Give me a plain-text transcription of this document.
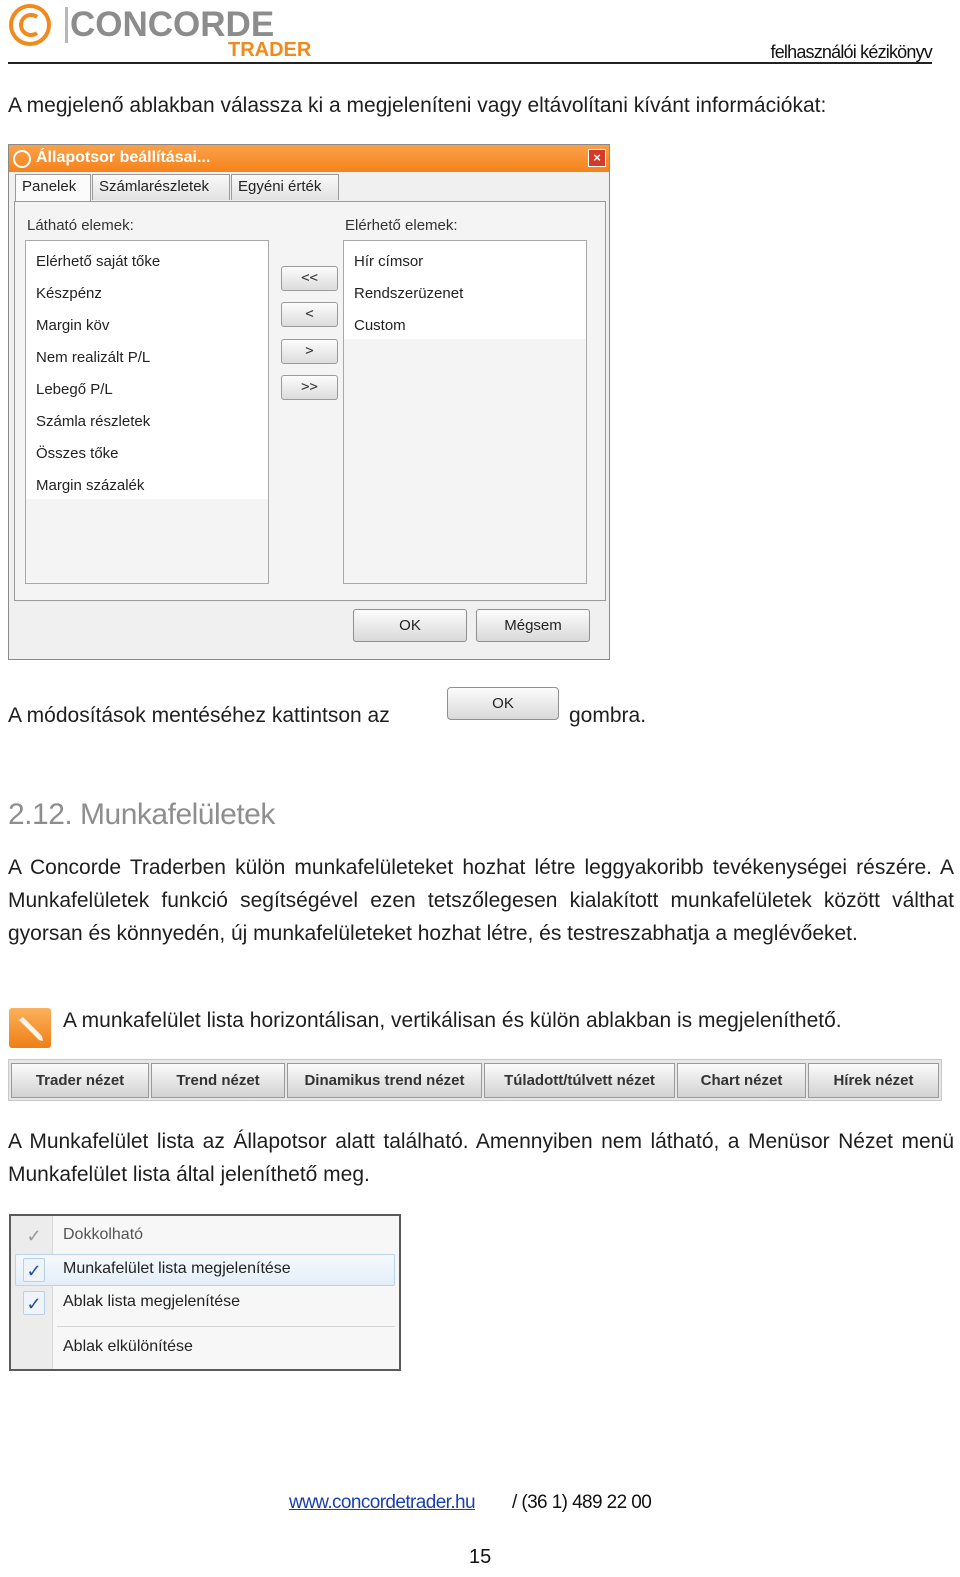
CONCORDE
TRADER	felhasználói kézikönyv
A megjelenő ablakban válassza ki a megjeleníteni vagy eltávolítani kívánt információkat:
Állapotsor beállításai...	×
Panelek	Számlarészletek	Egyéni érték
Látható elemek:	Elérhető elemek:
Elérhető saját tőke
Készpénz
Margin köv
Nem realizált P/L
Lebegő P/L
Számla részletek
Összes tőke
Margin százalék
<<
<
>
>>
Hír címsor
Rendszerüzenet
Custom
OK	Mégsem
A módosítások mentéséhez kattintson az
OK
gombra.
2.12. Munkafelületek
A Concorde Traderben külön munkafelületeket hozhat létre leggyakoribb tevékenységei részére. A Munkafelületek funkció segítségével ezen tetszőlegesen kialakított munkafelületek között válthat gyorsan és könnyedén, új munkafelületeket hozhat létre, és testreszabhatja a meglévőeket.
A munkafelület lista horizontálisan, vertikálisan és külön ablakban is megjeleníthető.
Trader nézet	Trend nézet	Dinamikus trend nézet	Túladott/túlvett nézet	Chart nézet	Hírek nézet
A Munkafelület lista az Állapotsor alatt található. Amennyiben nem látható, a Menüsor Nézet menü Munkafelület lista által jeleníthető meg.
✓ Dokkolható
✓ Munkafelület lista megjelenítése
✓ Ablak lista megjelenítése
Ablak elkülönítése
www.concordetrader.hu / (36 1) 489 22 00
15
